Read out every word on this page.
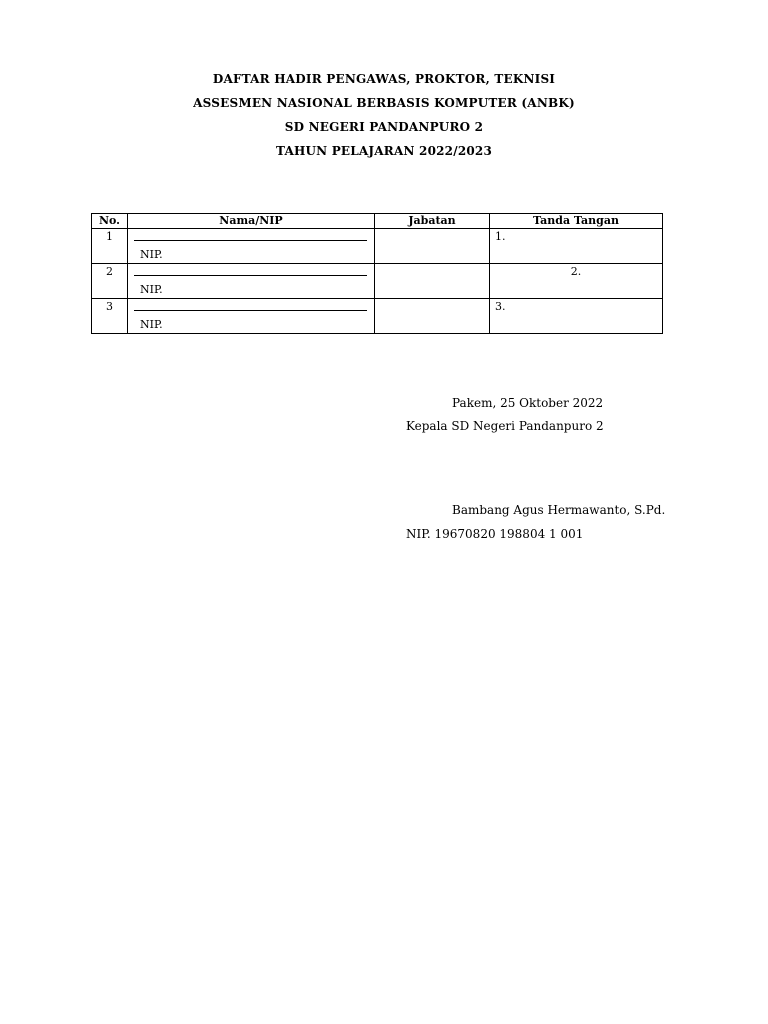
DAFTAR HADIR PENGAWAS, PROKTOR, TEKNISI
ASSESMEN NASIONAL BERBASIS KOMPUTER (ANBK)
SD NEGERI PANDANPURO 2
TAHUN PELAJARAN 2022/2023
No.	Nama/NIP	Jabatan	Tanda Tangan
1	NIP.		1.

2	NIP.		2.

3	NIP.		3.
Pakem, 25 Oktober 2022
Kepala SD Negeri Pandanpuro 2
Bambang Agus Hermawanto, S.Pd.
NIP. 19670820 198804 1 001
